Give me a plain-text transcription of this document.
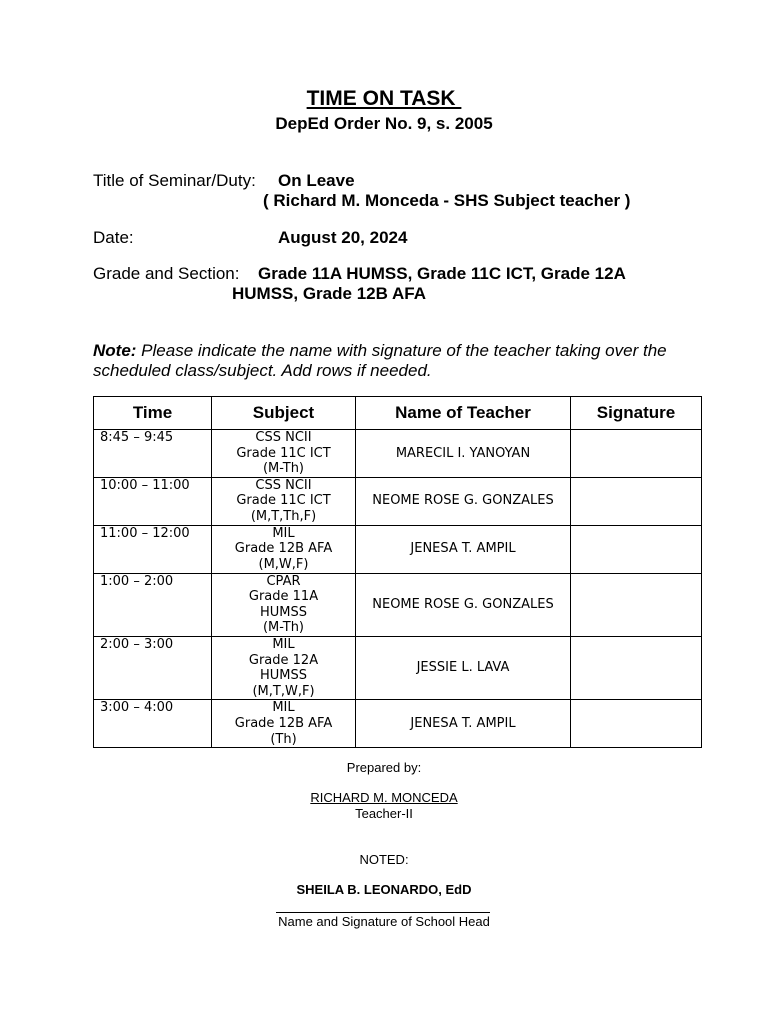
TIME ON TASK
DepEd Order No. 9, s. 2005
Title of Seminar/Duty: On Leave
( Richard M. Monceda - SHS Subject teacher )
Date:	August 20, 2024
Grade and Section: Grade 11A HUMSS, Grade 11C ICT, Grade 12A
HUMSS, Grade 12B AFA
Note: Please indicate the name with signature of the teacher taking over the scheduled class/subject. Add rows if needed.
Time	Subject	Name of Teacher	Signature
8:45 – 9:45	CSS NCII
Grade 11C ICT
(M-Th)	MARECIL I. YANOYAN	
10:00 – 11:00	CSS NCII
Grade 11C ICT
(M,T,Th,F)	NEOME ROSE G. GONZALES	
11:00 – 12:00	MIL
Grade 12B AFA
(M,W,F)	JENESA T. AMPIL	
1:00 – 2:00	CPAR
Grade 11A
HUMSS
(M-Th)	NEOME ROSE G. GONZALES	
2:00 – 3:00	MIL
Grade 12A
HUMSS
(M,T,W,F)	JESSIE L. LAVA	
3:00 – 4:00	MIL
Grade 12B AFA
(Th)	JENESA T. AMPIL	
Prepared by:
RICHARD M. MONCEDA
Teacher-II
NOTED:
SHEILA B. LEONARDO, EdD
Name and Signature of School Head
